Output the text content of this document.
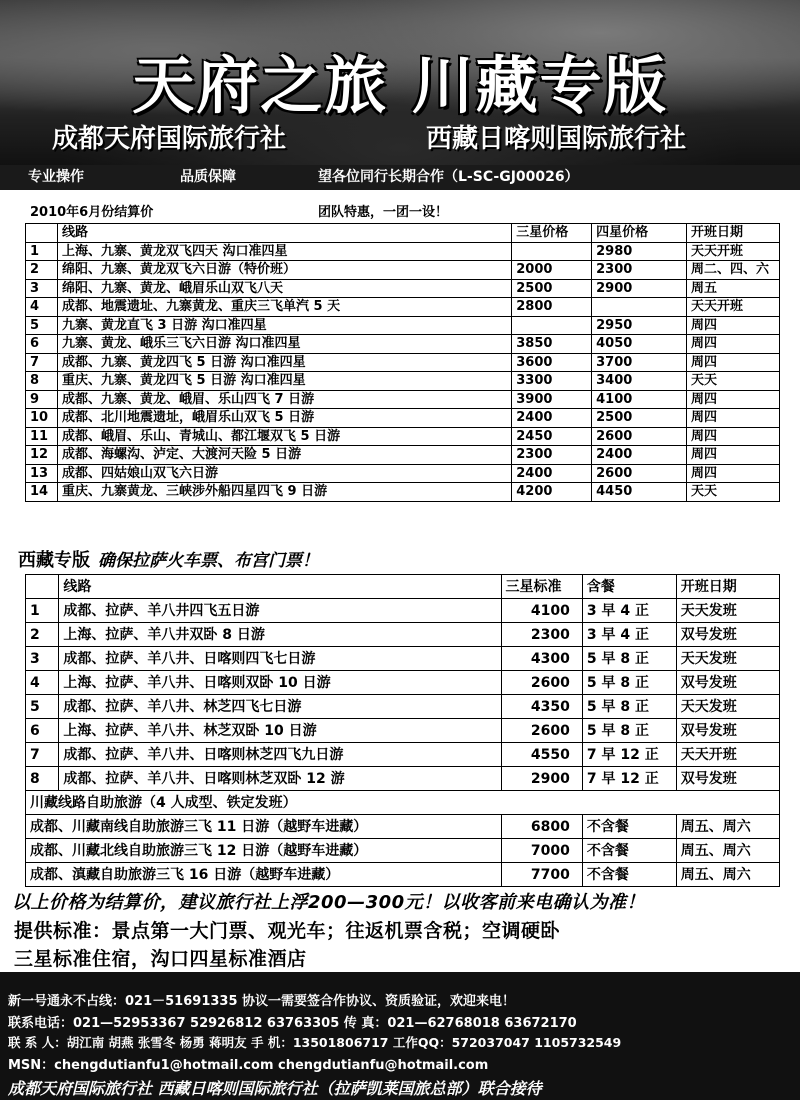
天府之旅 川藏专版
成都天府国际旅行社	西藏日喀则国际旅行社
专业操作	品质保障	望各位同行长期合作（L-SC-GJ00026）
2010年6月份结算价	团队特惠，一团一设！
	线路	三星价格	四星价格	开班日期
1	上海、九寨、黄龙双飞四天 沟口准四星		2980	天天开班
2	绵阳、九寨、黄龙双飞六日游（特价班）	2000	2300	周二、四、六
3	绵阳、九寨、黄龙、峨眉乐山双飞八天	2500	2900	周五
4	成都、地震遗址、九寨黄龙、重庆三飞单汽 5 天	2800		天天开班
5	九寨、黄龙直飞 3 日游 沟口准四星		2950	周四
6	九寨、黄龙、峨乐三飞六日游 沟口准四星	3850	4050	周四
7	成都、九寨、黄龙四飞 5 日游 沟口准四星	3600	3700	周四
8	重庆、九寨、黄龙四飞 5 日游 沟口准四星	3300	3400	天天
9	成都、九寨、黄龙、峨眉、乐山四飞 7 日游	3900	4100	周四
10	成都、北川地震遗址，峨眉乐山双飞 5 日游	2400	2500	周四
11	成都、峨眉、乐山、青城山、都江堰双飞 5 日游	2450	2600	周四
12	成都、海螺沟、泸定、大渡河天险 5 日游	2300	2400	周四
13	成都、四姑娘山双飞六日游	2400	2600	周四
14	重庆、九寨黄龙、三峡涉外船四星四飞 9 日游	4200	4450	天天
西藏专版 确保拉萨火车票、布宫门票！
	线路	三星标准	含餐	开班日期
1	成都、拉萨、羊八井四飞五日游	4100	3 早 4 正	天天发班
2	上海、拉萨、羊八井双卧 8 日游	2300	3 早 4 正	双号发班
3	成都、拉萨、羊八井、日喀则四飞七日游	4300	5 早 8 正	天天发班
4	上海、拉萨、羊八井、日喀则双卧 10 日游	2600	5 早 8 正	双号发班
5	成都、拉萨、羊八井、林芝四飞七日游	4350	5 早 8 正	天天发班
6	上海、拉萨、羊八井、林芝双卧 10 日游	2600	5 早 8 正	双号发班
7	成都、拉萨、羊八井、日喀则林芝四飞九日游	4550	7 早 12 正	天天开班
8	成都、拉萨、羊八井、日喀则林芝双卧 12 游	2900	7 早 12 正	双号发班
川藏线路自助旅游（4 人成型、铁定发班）				
成都、川藏南线自助旅游三飞 11 日游（越野车进藏）		6800	不含餐	周五、周六
成都、川藏北线自助旅游三飞 12 日游（越野车进藏）		7000	不含餐	周五、周六
成都、滇藏自助旅游三飞 16 日游（越野车进藏）		7700	不含餐	周五、周六
以上价格为结算价，建议旅行社上浮200—300元！以收客前来电确认为准！
提供标准：景点第一大门票、观光车；往返机票含税；空调硬卧
三星标准住宿，沟口四星标准酒店
新一号通永不占线：021－51691335 协议一需要签合作协议、资质验证，欢迎来电！
联系电话：021—52953367 52926812 63763305 传 真：021—62768018 63672170
联 系 人：胡江南 胡燕 张雪冬 杨勇 蒋明友 手 机：13501806717 工作QQ：572037047 1105732549
MSN：chengdutianfu1@hotmail.com chengdutianfu@hotmail.com
成都天府国际旅行社 西藏日喀则国际旅行社（拉萨凯莱国旅总部）联合接待
